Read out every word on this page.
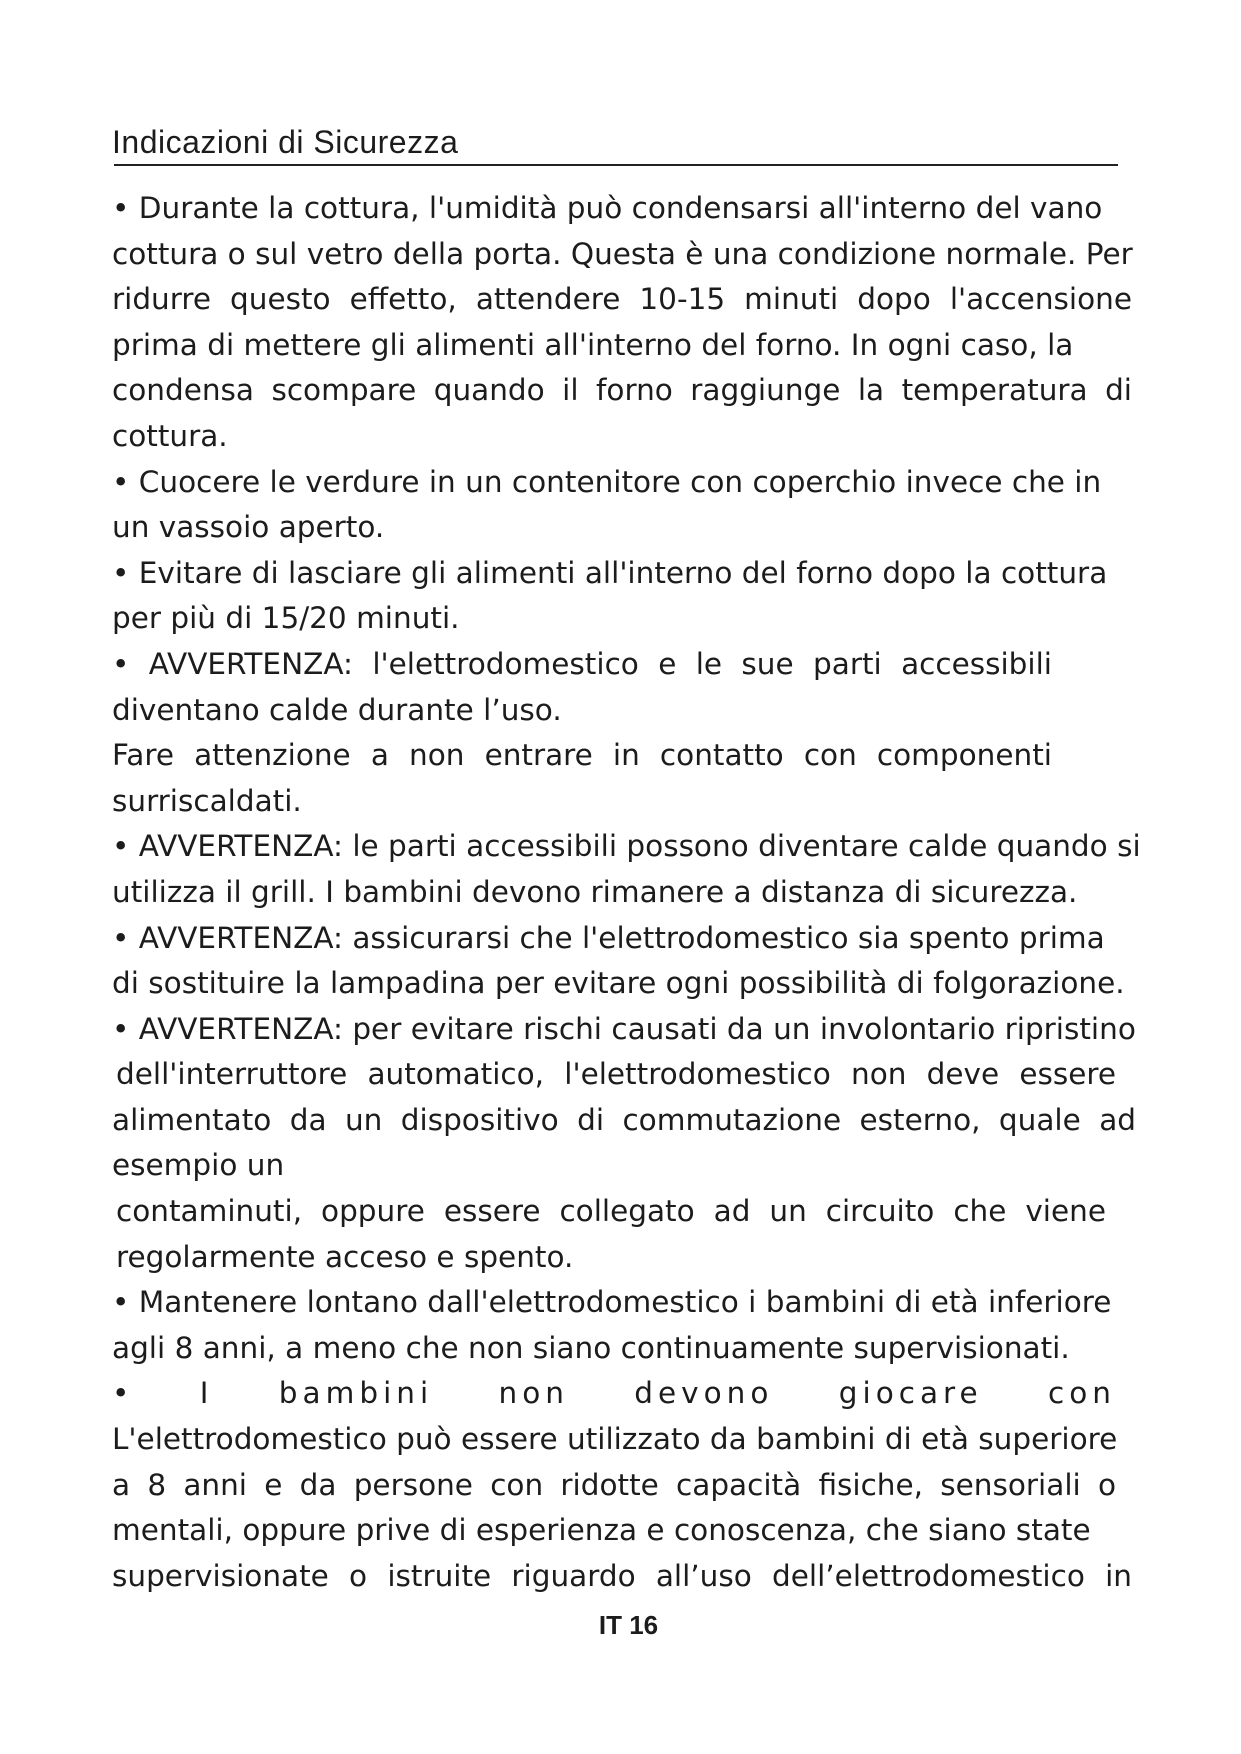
Indicazioni di Sicurezza
• Durante la cottura, l'umidità può condensarsi all'interno del vano
cottura o sul vetro della porta. Questa è una condizione normale. Per
ridurre questo effetto, attendere 10-15 minuti dopo l'accensione
prima di mettere gli alimenti all'interno del forno. In ogni caso, la
condensa scompare quando il forno raggiunge la temperatura di
cottura.
• Cuocere le verdure in un contenitore con coperchio invece che in
un vassoio aperto.
• Evitare di lasciare gli alimenti all'interno del forno dopo la cottura
per più di 15/20 minuti.
• AVVERTENZA: l'elettrodomestico e le sue parti accessibili
diventano calde durante l’uso.
Fare attenzione a non entrare in contatto con componenti
surriscaldati.
• AVVERTENZA: le parti accessibili possono diventare calde quando si
utilizza il grill. I bambini devono rimanere a distanza di sicurezza.
• AVVERTENZA: assicurarsi che l'elettrodomestico sia spento prima
di sostituire la lampadina per evitare ogni possibilità di folgorazione.
• AVVERTENZA: per evitare rischi causati da un involontario ripristino
dell'interruttore automatico, l'elettrodomestico non deve essere
alimentato da un dispositivo di commutazione esterno, quale ad
esempio un
contaminuti, oppure essere collegato ad un circuito che viene
regolarmente acceso e spento.
• Mantenere lontano dall'elettrodomestico i bambini di età inferiore
agli 8 anni, a meno che non siano continuamente supervisionati.
• I bambini non devono giocare con
L'elettrodomestico può essere utilizzato da bambini di età superiore
a 8 anni e da persone con ridotte capacità fisiche, sensoriali o
mentali, oppure prive di esperienza e conoscenza, che siano state
supervisionate o istruite riguardo all’uso dell’elettrodomestico in
IT 16
